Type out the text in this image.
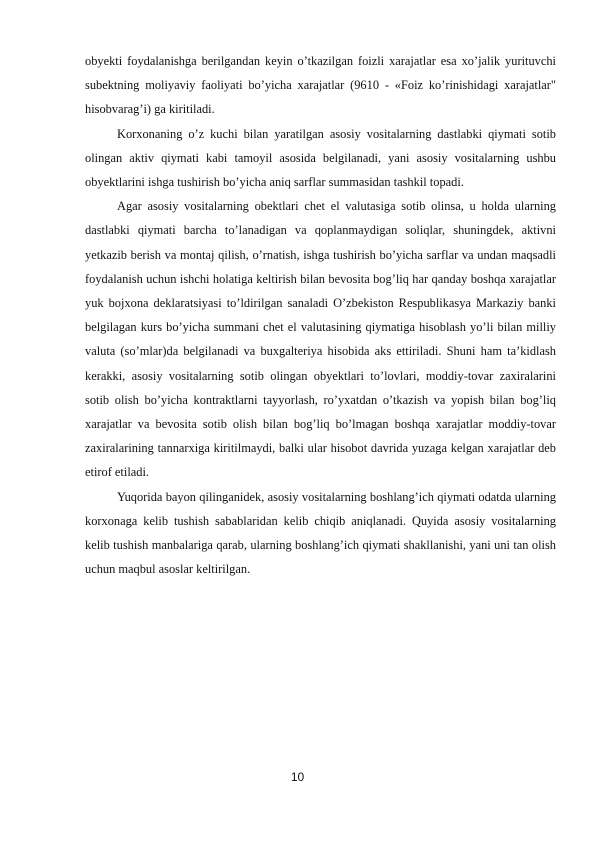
obyekti foydalanishga berilgandan keyin o’tkazilgan foizli xarajatlar esa xo’jalik yurituvchi subektning moliyaviy faoliyati bo’yicha xarajatlar (9610 - «Foiz ko’rinishidagi xarajatlar" hisobvarag’i) ga kiritiladi.

Korxonaning o’z kuchi bilan yaratilgan asosiy vositalarning dastlabki qiymati sotib olingan aktiv qiymati kabi tamoyil asosida belgilanadi, yani asosiy vositalarning ushbu obyektlarini ishga tushirish bo’yicha aniq sarflar summasidan tashkil topadi.

Agar asosiy vositalarning obektlari chet el valutasiga sotib olinsa, u holda ularning dastlabki qiymati barcha to’lanadigan va qoplanmaydigan soliqlar, shuningdek, aktivni yetkazib berish va montaj qilish, o’rnatish, ishga tushirish bo’yicha sarflar va undan maqsadli foydalanish uchun ishchi holatiga keltirish bilan bevosita bog’liq har qanday boshqa xarajatlar yuk bojxona deklaratsiyasi to’ldirilgan sanaladi O’zbekiston Respublikasya Markaziy banki belgilagan kurs bo’yicha summani chet el valutasining qiymatiga hisoblash yo’li bilan milliy valuta (so’mlar)da belgilanadi va buxgalteriya hisobida aks ettiriladi. Shuni ham ta’kidlash kerakki, asosiy vositalarning sotib olingan obyektlari to’lovlari, moddiy-tovar zaxiralarini sotib olish bo’yicha kontraktlarni tayyorlash, ro’yxatdan o’tkazish va yopish bilan bog’liq xarajatlar va bevosita sotib olish bilan bog’liq bo’lmagan boshqa xarajatlar moddiy-tovar zaxiralarining tannarxiga kiritilmaydi, balki ular hisobot davrida yuzaga kelgan xarajatlar deb etirof etiladi.

Yuqorida bayon qilinganidek, asosiy vositalarning boshlang’ich qiymati odatda ularning korxonaga kelib tushish sabablaridan kelib chiqib aniqlanadi. Quyida asosiy vositalarning kelib tushish manbalariga qarab, ularning boshlang’ich qiymati shakllanishi, yani uni tan olish uchun maqbul asoslar keltirilgan.

10
